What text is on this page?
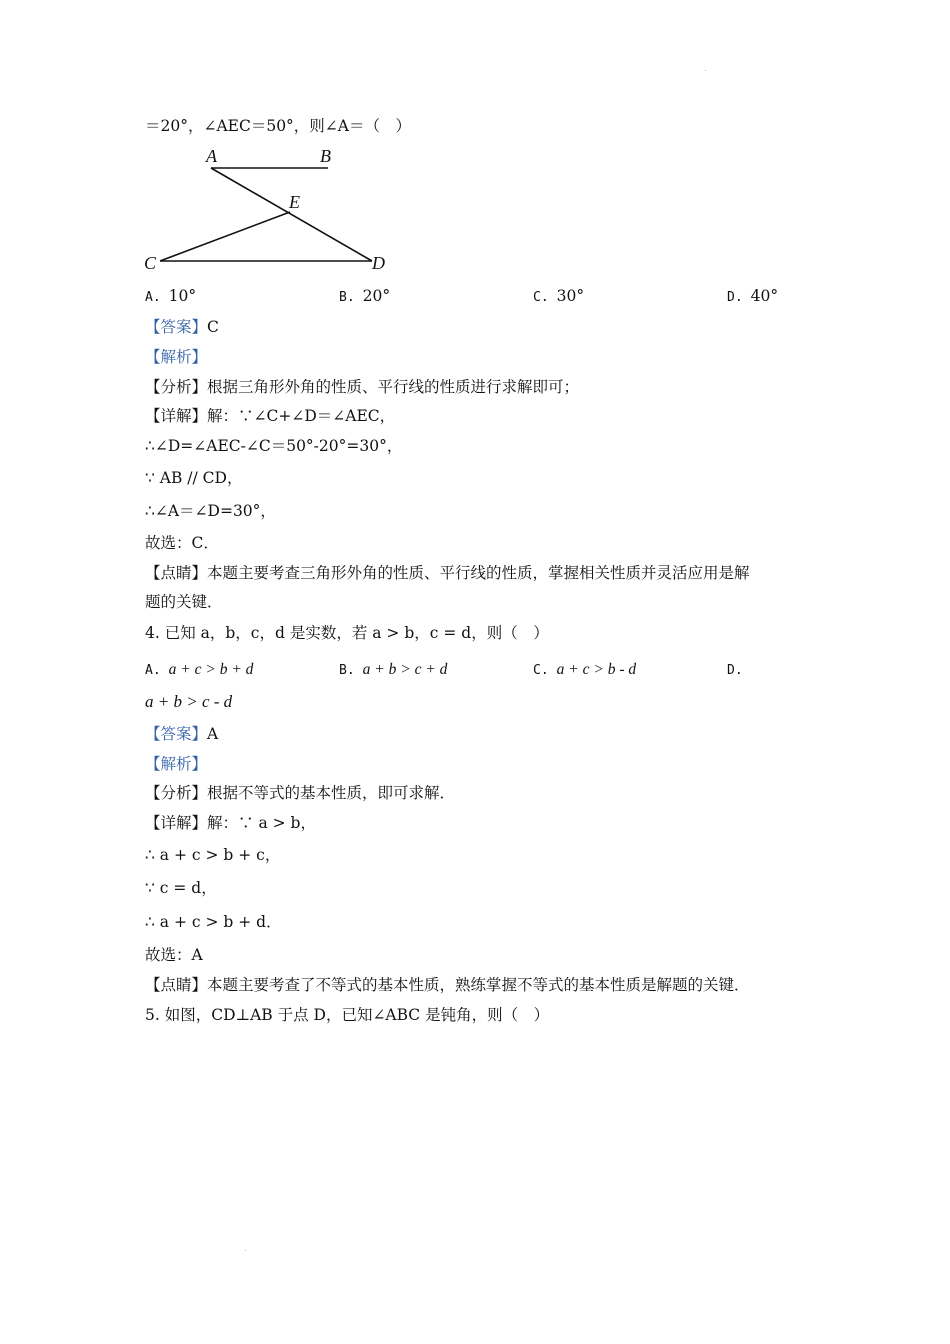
＝20°，∠AEC＝50°，则∠A＝（　）
A	B
E
C	D
A. 10°	B. 20°	C. 30°	D. 40°
【答案】C
【解析】
【分析】根据三角形外角的性质、平行线的性质进行求解即可；
【详解】解：∵∠C+∠D＝∠AEC，
∴∠D=∠AEC-∠C＝50°-20°=30°，
∵ AB // CD，
∴∠A＝∠D=30°，
故选：C．
【点睛】本题主要考查三角形外角的性质、平行线的性质，掌握相关性质并灵活应用是解
题的关键．
4. 已知 a，b，c，d 是实数，若 a > b，c = d，则（　）
A. a + c > b + d	B. a + b > c + d	C. a + c > b - d	D.
a + b > c - d
【答案】A
【解析】
【分析】根据不等式的基本性质，即可求解．
【详解】解：∵ a > b，
∴ a + c > b + c，
∵ c = d，
∴ a + c > b + d．
故选：A
【点睛】本题主要考查了不等式的基本性质，熟练掌握不等式的基本性质是解题的关键．
5. 如图，CD⊥AB 于点 D，已知∠ABC 是钝角，则（　）
